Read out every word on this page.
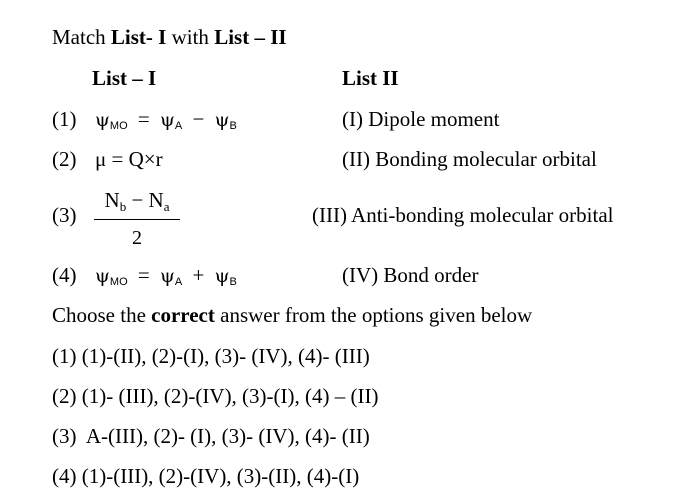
Match List- I with List – II
List – I	List II
(1) $\psi_{MO} = \psi_A - \psi_B$
(2) μ = Q×r
(3)
Nb − Na
2
(4) $\psi_{MO} = \psi_A + \psi_B$
(I) Dipole moment
(II) Bonding molecular orbital
(III) Anti-bonding molecular orbital
(IV) Bond order
Choose the correct answer from the options given below
(1) (1)-(II), (2)-(I), (3)- (IV), (4)- (III)
(2) (1)- (III), (2)-(IV), (3)-(I), (4) – (II)
(3)  A-(III), (2)- (I), (3)- (IV), (4)- (II)
(4) (1)-(III), (2)-(IV), (3)-(II), (4)-(I)
